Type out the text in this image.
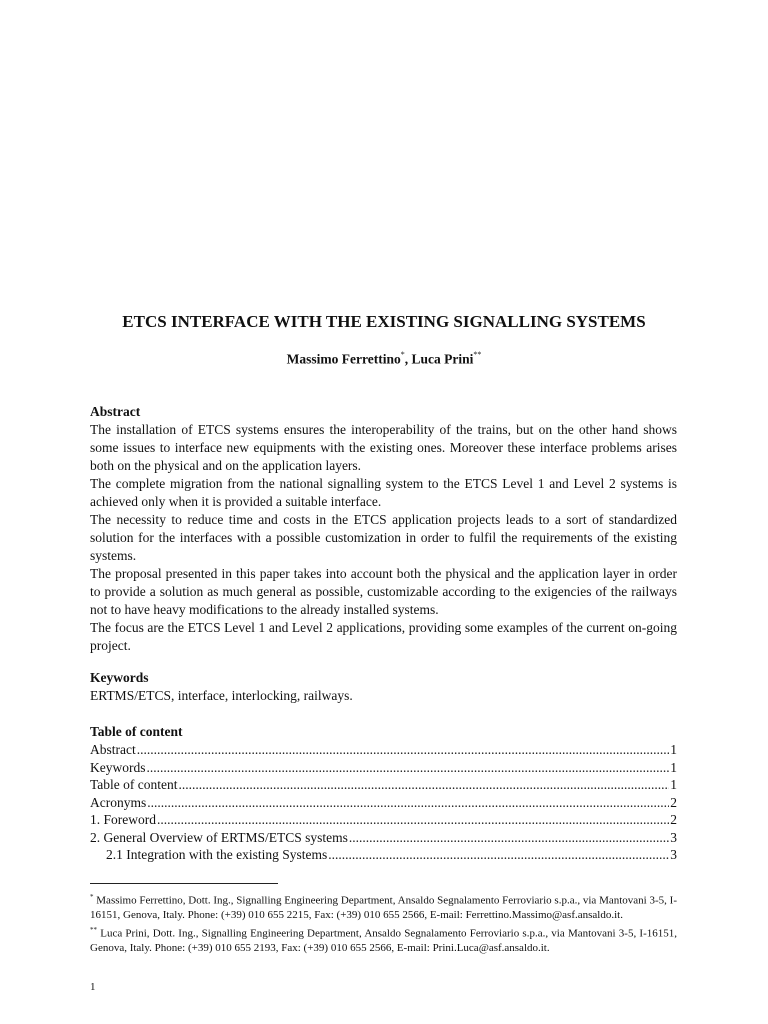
ETCS INTERFACE WITH THE EXISTING SIGNALLING SYSTEMS
Massimo Ferrettino*, Luca Prini**
Abstract

The installation of ETCS systems ensures the interoperability of the trains, but on the other hand shows some issues to interface new equipments with the existing ones. Moreover these interface problems arises both on the physical and on the application layers.

The complete migration from the national signalling system to the ETCS Level 1 and Level 2 systems is achieved only when it is provided a suitable interface.

The necessity to reduce time and costs in the ETCS application projects leads to a sort of standardized solution for the interfaces with a possible customization in order to fulfil the requirements of the existing systems.

The proposal presented in this paper takes into account both the physical and the application layer in order to provide a solution as much general as possible, customizable according to the exigencies of the railways not to have heavy modifications to the already installed systems.

The focus are the ETCS Level 1 and Level 2 applications, providing some examples of the current on-going project.

Keywords

ERTMS/ETCS, interface, interlocking, railways.

Table of content
Abstract .....	1
Keywords .....	1
Table of content .....	1
Acronyms .....	2
1. Foreword .....	2
2. General Overview of ERTMS/ETCS systems .....	3
2.1 Integration with the existing Systems .....	3

* Massimo Ferrettino, Dott. Ing., Signalling Engineering Department, Ansaldo Segnalamento Ferroviario s.p.a., via Mantovani 3-5, I-16151, Genova, Italy. Phone: (+39) 010 655 2215, Fax: (+39) 010 655 2566, E-mail: Ferrettino.Massimo@asf.ansaldo.it.

** Luca Prini, Dott. Ing., Signalling Engineering Department, Ansaldo Segnalamento Ferroviario s.p.a., via Mantovani 3-5, I-16151, Genova, Italy. Phone: (+39) 010 655 2193, Fax: (+39) 010 655 2566, E-mail: Prini.Luca@asf.ansaldo.it.

1
